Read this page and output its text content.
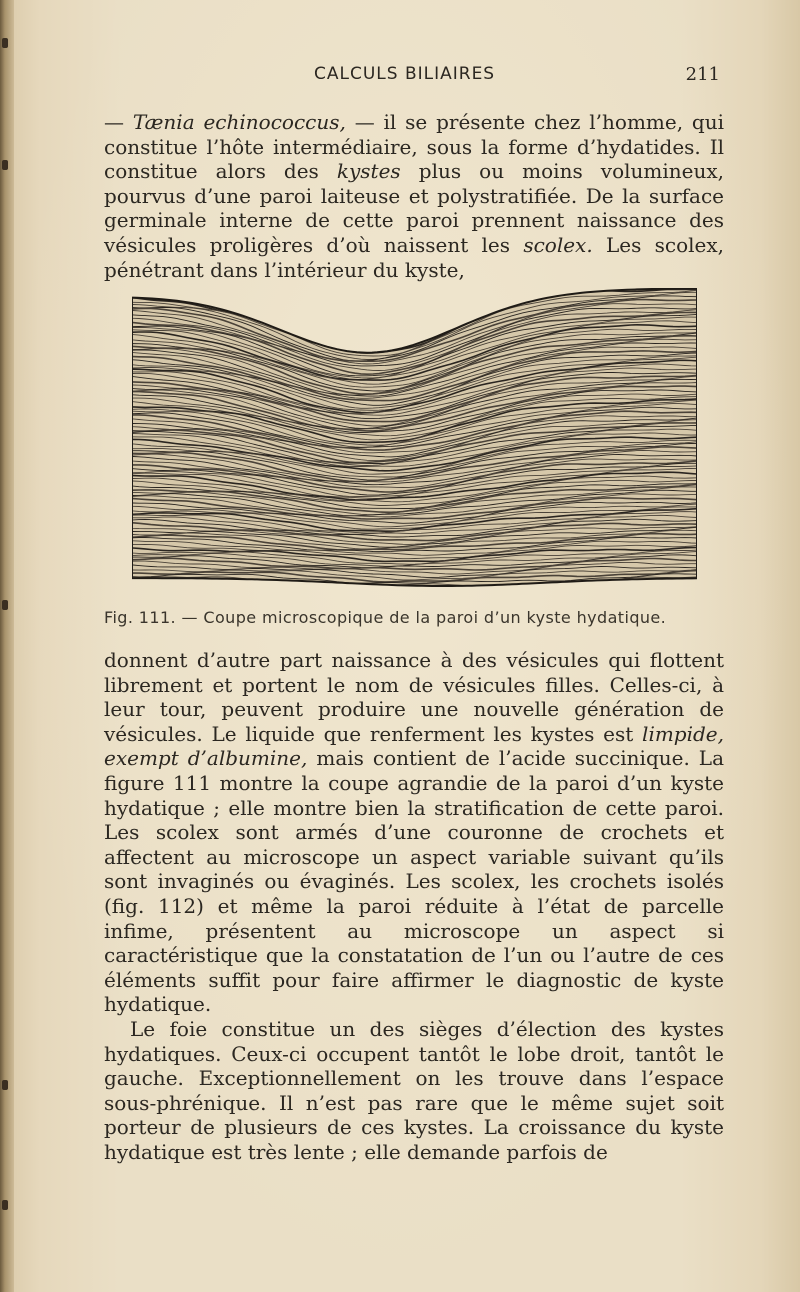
CALCULS BILIAIRES	211

— Tænia echinococcus, — il se présente chez l’homme, qui constitue l’hôte intermédiaire, sous la forme d’hydatides. Il constitue alors des kystes plus ou moins volumineux, pourvus d’une paroi laiteuse et polystratifiée. De la surface germinale interne de cette paroi prennent naissance des vésicules proligères d’où naissent les scolex. Les scolex, pénétrant dans l’intérieur du kyste,

Fig. 111. — Coupe microscopique de la paroi d’un kyste hydatique.

donnent d’autre part naissance à des vésicules qui flottent librement et portent le nom de vésicules filles. Celles-ci, à leur tour, peuvent produire une nouvelle génération de vésicules. Le liquide que renferment les kystes est limpide, exempt d’albumine, mais contient de l’acide succinique. La figure 111 montre la coupe agrandie de la paroi d’un kyste hydatique ; elle montre bien la stratification de cette paroi. Les scolex sont armés d’une couronne de crochets et affectent au microscope un aspect variable suivant qu’ils sont invaginés ou évaginés. Les scolex, les crochets isolés (fig. 112) et même la paroi réduite à l’état de parcelle infime, présentent au microscope un aspect si caractéristique que la constatation de l’un ou l’autre de ces éléments suffit pour faire affirmer le diagnostic de kyste hydatique.
Le foie constitue un des sièges d’élection des kystes hydatiques. Ceux-ci occupent tantôt le lobe droit, tantôt le gauche. Exceptionnellement on les trouve dans l’espace sous-phrénique. Il n’est pas rare que le même sujet soit porteur de plusieurs de ces kystes. La croissance du kyste hydatique est très lente ; elle demande parfois de
